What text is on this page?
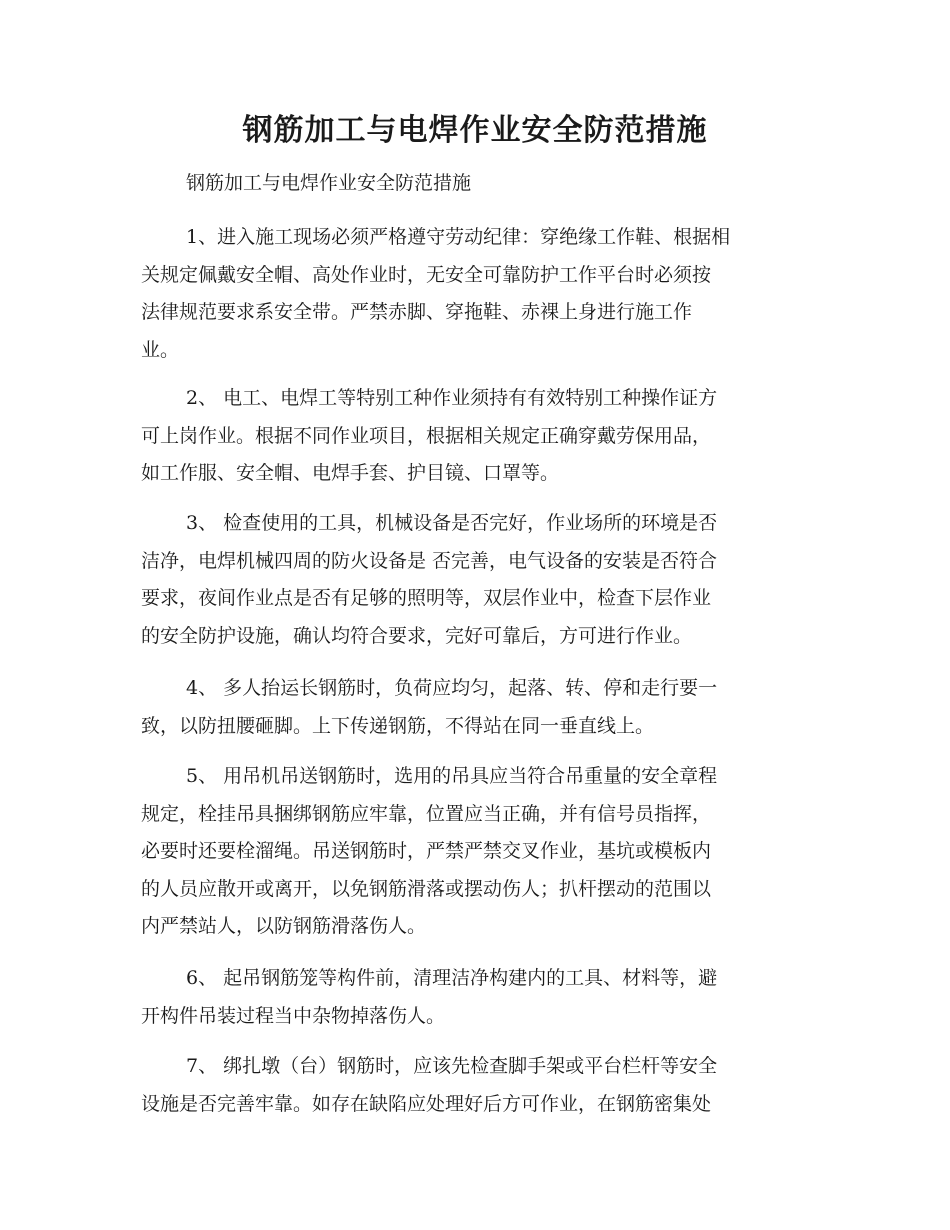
钢筋加工与电焊作业安全防范措施

钢筋加工与电焊作业安全防范措施

1、进入施工现场必须严格遵守劳动纪律：穿绝缘工作鞋、根据相
关规定佩戴安全帽、高处作业时，无安全可靠防护工作平台时必须按
法律规范要求系安全带。严禁赤脚、穿拖鞋、赤裸上身进行施工作
业。
2、 电工、电焊工等特别工种作业须持有有效特别工种操作证方
可上岗作业。根据不同作业项目，根据相关规定正确穿戴劳保用品，
如工作服、安全帽、电焊手套、护目镜、口罩等。
3、 检查使用的工具，机械设备是否完好，作业场所的环境是否
洁净，电焊机械四周的防火设备是 否完善，电气设备的安装是否符合
要求，夜间作业点是否有足够的照明等，双层作业中，检查下层作业
的安全防护设施，确认均符合要求，完好可靠后，方可进行作业。
4、 多人抬运长钢筋时，负荷应均匀，起落、转、停和走行要一
致，以防扭腰砸脚。上下传递钢筋，不得站在同一垂直线上。
5、 用吊机吊送钢筋时，选用的吊具应当符合吊重量的安全章程
规定，栓挂吊具捆绑钢筋应牢靠，位置应当正确，并有信号员指挥，
必要时还要栓溜绳。吊送钢筋时，严禁严禁交叉作业，基坑或模板内
的人员应散开或离开，以免钢筋滑落或摆动伤人；扒杆摆动的范围以
内严禁站人，以防钢筋滑落伤人。
6、 起吊钢筋笼等构件前，清理洁净构建内的工具、材料等，避
开构件吊装过程当中杂物掉落伤人。
7、 绑扎墩（台）钢筋时，应该先检查脚手架或平台栏杆等安全
设施是否完善牢靠。如存在缺陷应处理好后方可作业，在钢筋密集处
